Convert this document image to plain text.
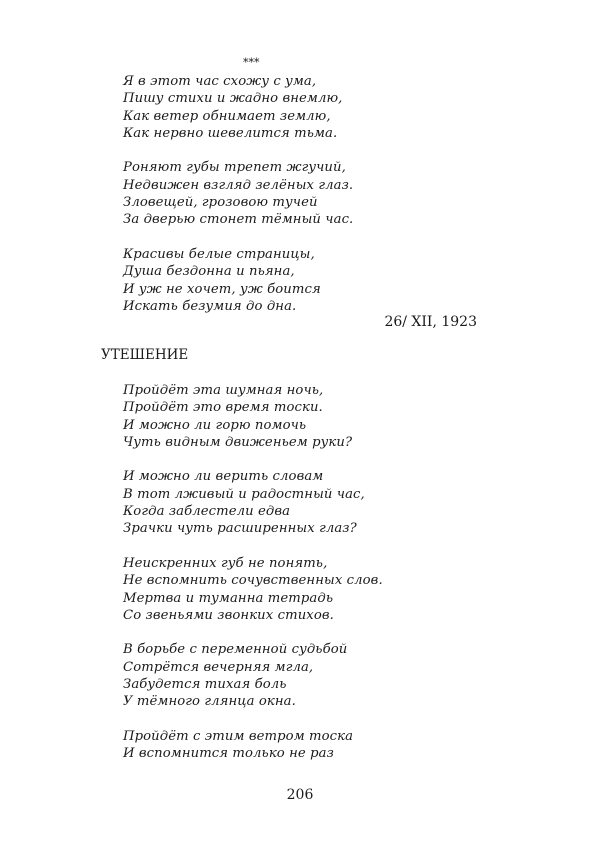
***
Я в этот час схожу с ума,
Пишу стихи и жадно внемлю,
Как ветер обнимает землю,
Как нервно шевелится тьма.
Роняют губы трепет жгучий,
Недвижен взгляд зелёных глаз.
Зловещей, грозовою тучей
За дверью стонет тёмный час.
Красивы белые страницы,
Душа бездонна и пьяна,
И уж не хочет, уж боится
Искать безумия до дна.
26/ XII, 1923
УТЕШЕНИЕ
Пройдёт эта шумная ночь,
Пройдёт это время тоски.
И можно ли горю помочь
Чуть видным движеньем руки?
И можно ли верить словам
В тот лживый и радостный час,
Когда заблестели едва
Зрачки чуть расширенных глаз?
Неискренних губ не понять,
Не вспомнить сочувственных слов.
Мертва и туманна тетрадь
Со звеньями звонких стихов.
В борьбе с переменной судьбой
Сотрётся вечерняя мгла,
Забудется тихая боль
У тёмного глянца окна.
Пройдёт с этим ветром тоска
И вспомнится только не раз
206
